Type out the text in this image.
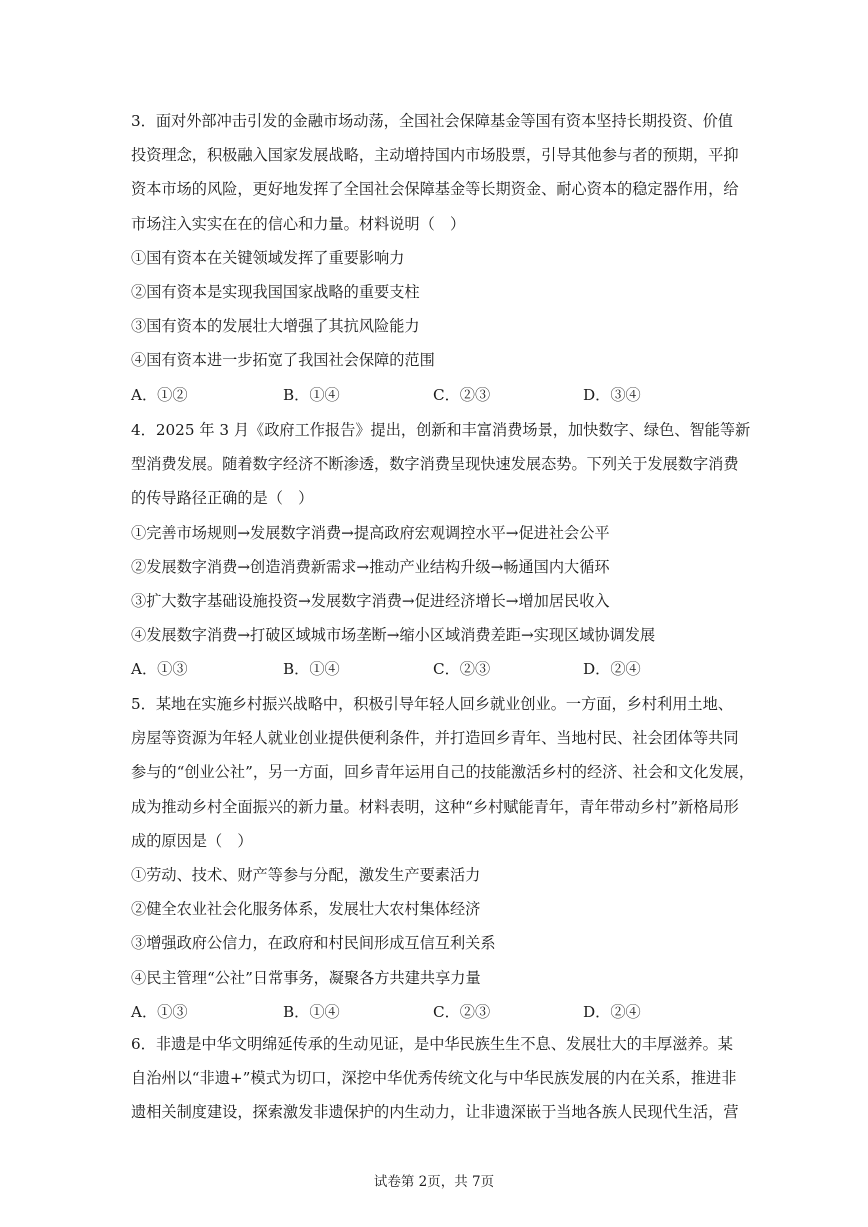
3．面对外部冲击引发的金融市场动荡，全国社会保障基金等国有资本坚持长期投资、价值
投资理念，积极融入国家发展战略，主动增持国内市场股票，引导其他参与者的预期，平抑
资本市场的风险，更好地发挥了全国社会保障基金等长期资金、耐心资本的稳定器作用，给
市场注入实实在在的信心和力量。材料说明（　）

①国有资本在关键领域发挥了重要影响力

②国有资本是实现我国国家战略的重要支柱

③国有资本的发展壮大增强了其抗风险能力

④国有资本进一步拓宽了我国社会保障的范围

A．①②	B．①④	C．②③	D．③④

4．2025 年 3 月《政府工作报告》提出，创新和丰富消费场景，加快数字、绿色、智能等新
型消费发展。随着数字经济不断渗透，数字消费呈现快速发展态势。下列关于发展数字消费
的传导路径正确的是（　）

①完善市场规则→发展数字消费→提高政府宏观调控水平→促进社会公平

②发展数字消费→创造消费新需求→推动产业结构升级→畅通国内大循环

③扩大数字基础设施投资→发展数字消费→促进经济增长→增加居民收入

④发展数字消费→打破区域城市场垄断→缩小区域消费差距→实现区域协调发展

A．①③	B．①④	C．②③	D．②④

5．某地在实施乡村振兴战略中，积极引导年轻人回乡就业创业。一方面，乡村利用土地、
房屋等资源为年轻人就业创业提供便利条件，并打造回乡青年、当地村民、社会团体等共同
参与的“创业公社”，另一方面，回乡青年运用自己的技能激活乡村的经济、社会和文化发展，
成为推动乡村全面振兴的新力量。材料表明，这种“乡村赋能青年，青年带动乡村”新格局形
成的原因是（　）

①劳动、技术、财产等参与分配，激发生产要素活力

②健全农业社会化服务体系，发展壮大农村集体经济

③增强政府公信力，在政府和村民间形成互信互利关系

④民主管理“公社”日常事务，凝聚各方共建共享力量

A．①③	B．①④	C．②③	D．②④

6．非遗是中华文明绵延传承的生动见证，是中华民族生生不息、发展壮大的丰厚滋养。某
自治州以“非遗+”模式为切口，深挖中华优秀传统文化与中华民族发展的内在关系，推进非
遗相关制度建设，探索激发非遗保护的内生动力，让非遗深嵌于当地各族人民现代生活，营

试卷第 2页，共 7页
